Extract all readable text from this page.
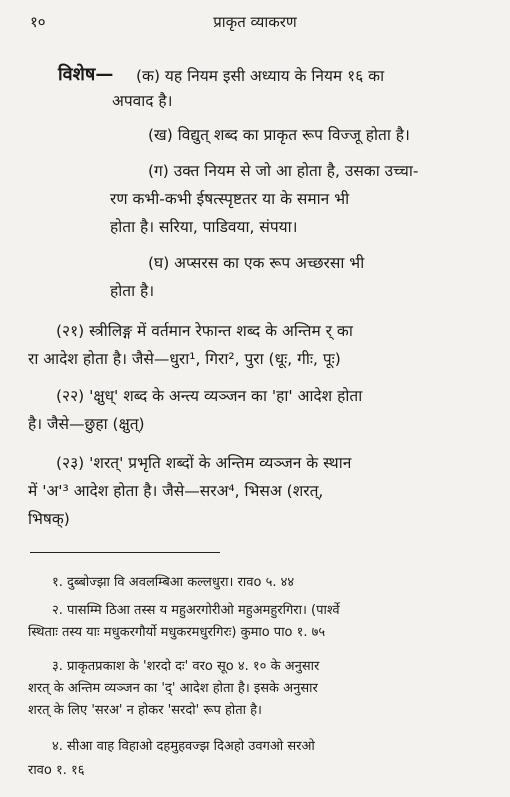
१०	प्राकृत व्याकरण
विशेष— (क) यह नियम इसी अध्याय के नियम १६ का
अपवाद है।
(ख) विद्युत् शब्द का प्राकृत रूप विज्जू होता है।
(ग) उक्त नियम से जो आ होता है, उसका उच्चा-
रण कभी-कभी ईषत्स्पृष्टतर या के समान भी
होता है। सरिया, पाडिवया, संपया।
(घ) अप्सरस का एक रूप अच्छरसा भी
होता है।
(२१) स्त्रीलिङ्ग में वर्तमान रेफान्त शब्द के अन्तिम र् का
रा आदेश होता है। जैसे—धुरा¹, गिरा², पुरा (धूः, गीः, पूः)
(२२) 'क्षुध्' शब्द के अन्त्य व्यञ्जन का 'हा' आदेश होता
है। जैसे—छुहा (क्षुत्)
(२३) 'शरत्' प्रभृति शब्दों के अन्तिम व्यञ्जन के स्थान
में 'अ'³ आदेश होता है। जैसे—सरअ⁴, भिसअ (शरत्,
भिषक्)
१. दुब्बोज्झा वि अवलम्बिआ कल्लधुरा। रावo ५. ४४
२. पासम्मि ठिआ तस्स य महुअरगोरीओ महुअमहुरगिरा। (पार्श्वे
स्थिताः तस्य याः मधुकरगौर्यो मधुकरमधुरगिरः) कुमाo पाo १. ७५
३. प्राकृतप्रकाश के 'शरदो दः' वरo सूo ४. १० के अनुसार
शरत् के अन्तिम व्यञ्जन का 'द्' आदेश होता है। इसके अनुसार
शरत् के लिए 'सरअ' न होकर 'सरदो' रूप होता है।
४. सीआ वाह विहाओ दहमुहवज्झ दिअहो उवगओ सरओ
रावo १. १६
